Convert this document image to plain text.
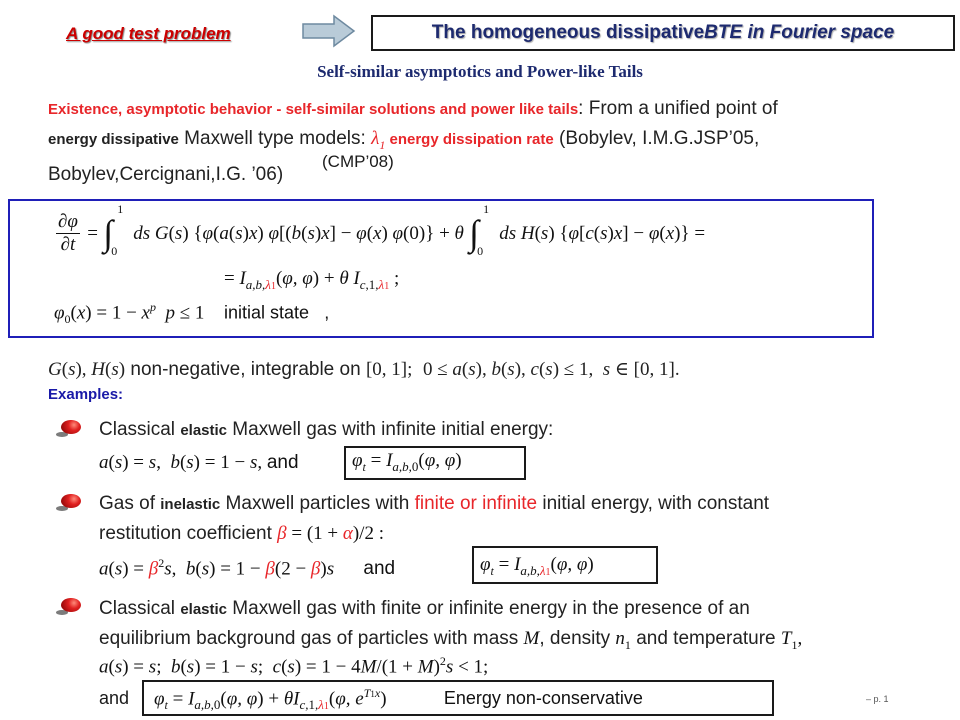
A good test problem	The homogeneous dissipative BTE in Fourier space
Self-similar asymptotics and Power-like Tails
Existence, asymptotic behavior - self-similar solutions and power like tails: From a unified point of
energy dissipative Maxwell type models: $\lambda_1$ energy dissipation rate (Bobylev, I.M.G.JSP’05,
Bobylev,Cercignani,I.G. ’06)
(CMP’08)
$\frac{\partial\varphi}{\partial t}$ = ∫
1
0
ds G(s) {φ(a(s)x) φ[(b(s)x] − φ(x) φ(0)} + θ ∫
1
0
ds H(s) {φ[c(s)x] − φ(x)} =
= $I_{a,b,\lambda 1}(\varphi$, φ) + θ $I_{c,1,\lambda 1}$ ;
$\varphi_0(x) = 1 - x^p$  p ≤ 1    initial state ,
G(s), H(s) non-negative, integrable on [0, 1]; 0 ≤ a(s), b(s), c(s) ≤ 1,  s ∈ [0, 1].
Examples:
Classical elastic Maxwell gas with infinite initial energy:
a(s) = s,  b(s) = 1 − s, and	$\varphi_t = I_{a,b,0}(\varphi$, φ)
Gas of inelastic Maxwell particles with finite or infinite initial energy, with constant
restitution coefficient β = (1 + α)/2 :
$a(s) = \beta^2s$,  b(s) = 1 − β(2 − β)s and	$\varphi_t = I_{a,b,\lambda 1}(\varphi$, φ)
Classical elastic Maxwell gas with finite or infinite energy in the presence of an
equilibrium background gas of particles with mass M, density $n_1$ and temperature $T_1$,
a(s) = s;  b(s) = 1 − s;  $c(s) = 1 - 4M/(1 + M)^2s < 1$;
and	$\varphi_t = I_{a,b,0}(\varphi$, $\varphi) + \theta I_{c,1,\lambda 1}(\varphi$, $e^{T1x}$)	Energy non-conservative	– p. 1
